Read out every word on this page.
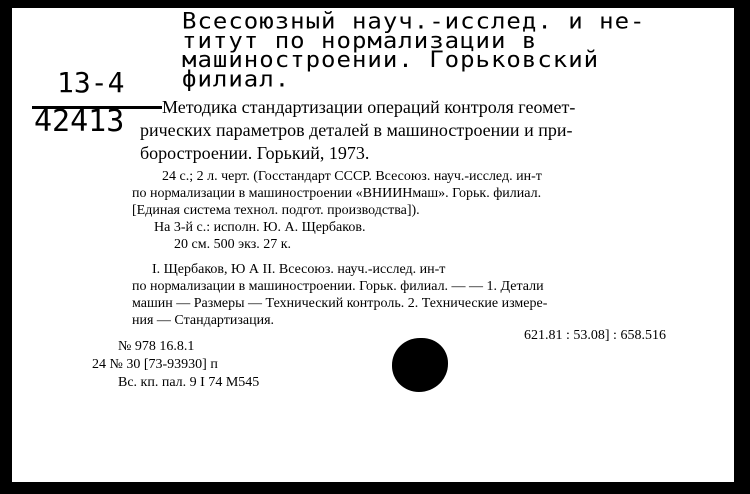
Всесоюзный науч.-исслед. и не-
титут по нормализации в
машиностроении. Горьковский
филиал.
13-4
42413 Методика стандартизации операций контроля геомет-
рических параметров деталей в машиностроении и при-
боростроении. Горький, 1973.
24 с.; 2 л. черт. (Госстандарт СССР. Всесоюз. науч.-исслед. ин-т
по нормализации в машиностроении «ВНИИНмаш». Горьк. филиал.
[Единая система технол. подгот. производства]).
На 3-й с.: исполн. Ю. А. Щербаков.
20 см. 500 экз. 27 к.
I. Щербаков, Ю А II. Всесоюз. науч.-исслед. ин-т
по нормализации в машиностроении. Горьк. филиал. — — 1. Детали
машин — Размеры — Технический контроль. 2. Технические измере-
ния — Стандартизация.
621.81 : 53.08] : 658.516
№ 978 16.8.1
24 № 30 [73-93930] п
Вс. кп. пал. 9 I 74 М545
